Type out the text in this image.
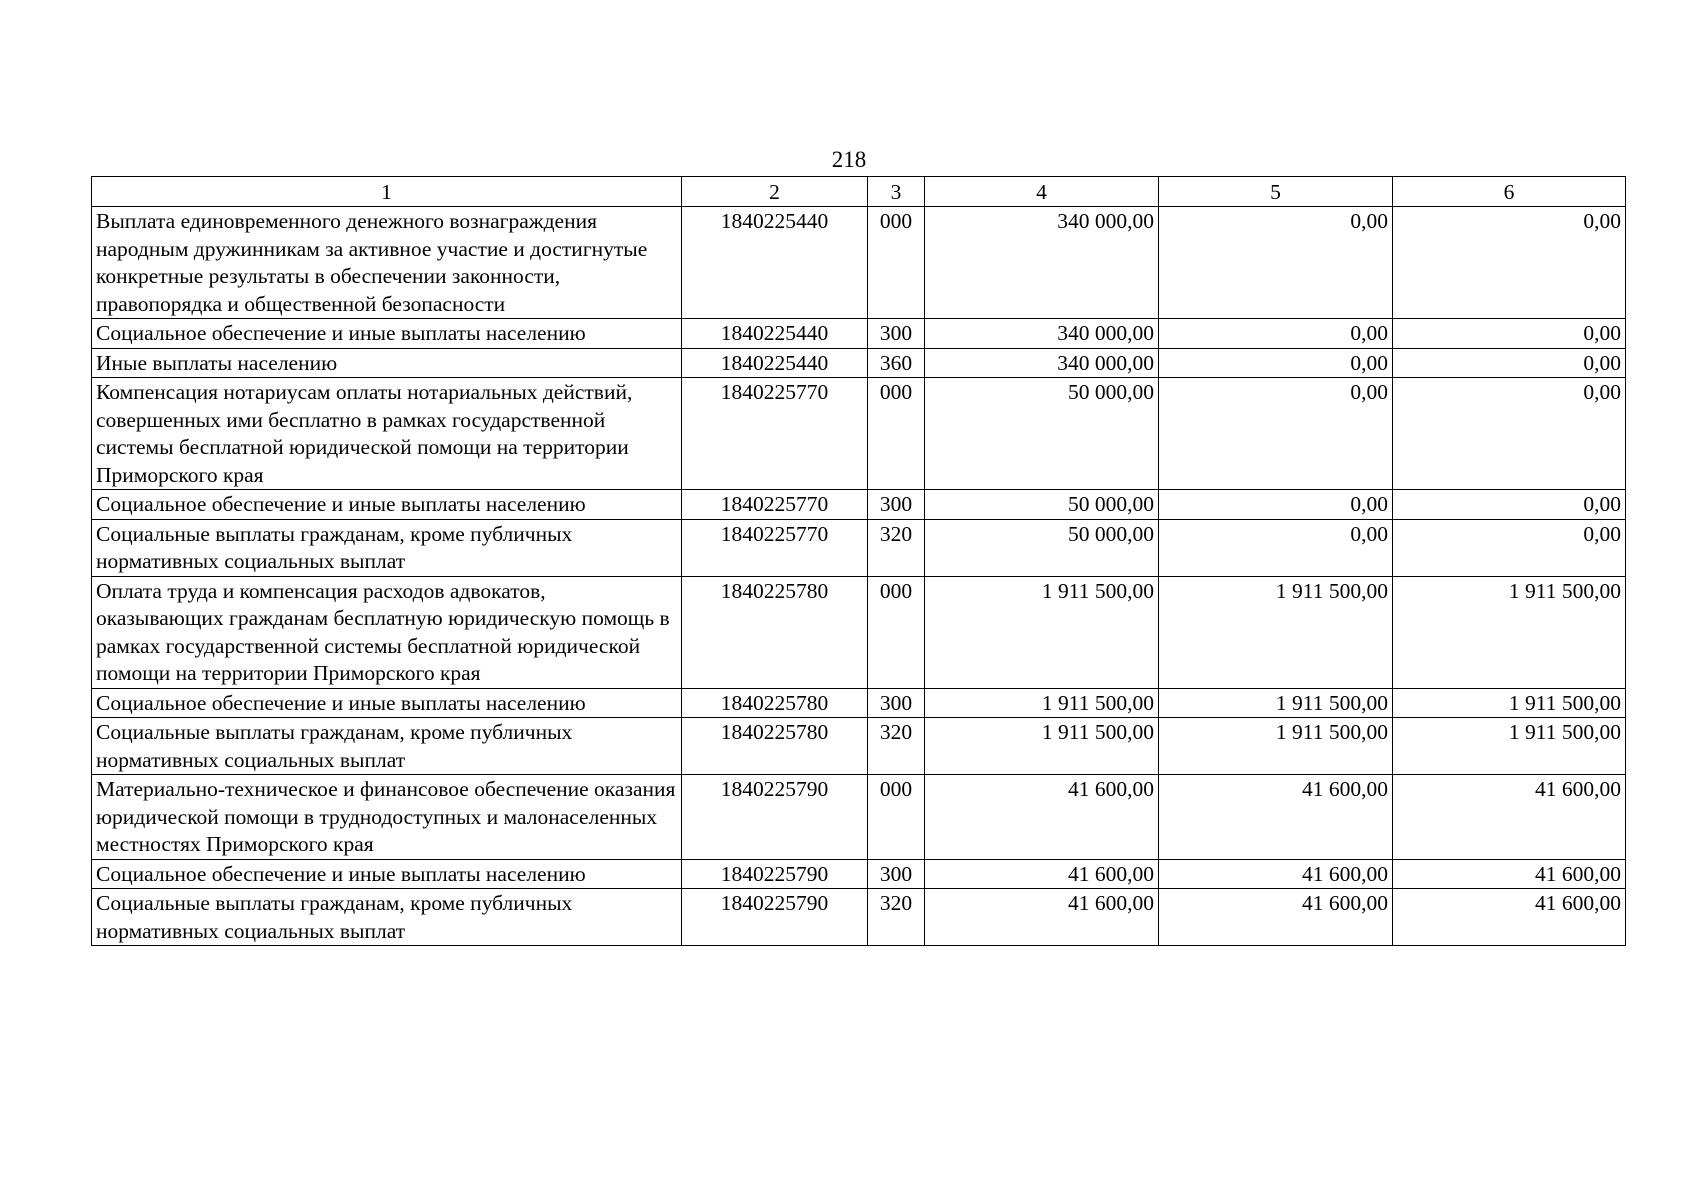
218
1	2	3	4	5	6
Выплата единовременного денежного вознаграждения народным дружинникам за активное участие и достигнутые конкретные результаты в обеспечении законности, правопорядка и общественной безопасности	1840225440	000	340 000,00	0,00	0,00
Социальное обеспечение и иные выплаты населению	1840225440	300	340 000,00	0,00	0,00
Иные выплаты населению	1840225440	360	340 000,00	0,00	0,00
Компенсация нотариусам оплаты нотариальных действий, совершенных ими бесплатно в рамках государственной системы бесплатной юридической помощи на территории Приморского края	1840225770	000	50 000,00	0,00	0,00
Социальное обеспечение и иные выплаты населению	1840225770	300	50 000,00	0,00	0,00
Социальные выплаты гражданам, кроме публичных нормативных социальных выплат	1840225770	320	50 000,00	0,00	0,00
Оплата труда и компенсация расходов адвокатов, оказывающих гражданам бесплатную юридическую помощь в рамках государственной системы бесплатной юридической помощи на территории Приморского края	1840225780	000	1 911 500,00	1 911 500,00	1 911 500,00
Социальное обеспечение и иные выплаты населению	1840225780	300	1 911 500,00	1 911 500,00	1 911 500,00
Социальные выплаты гражданам, кроме публичных нормативных социальных выплат	1840225780	320	1 911 500,00	1 911 500,00	1 911 500,00
Материально-техническое и финансовое обеспечение оказания юридической помощи в труднодоступных и малонаселенных местностях Приморского края	1840225790	000	41 600,00	41 600,00	41 600,00
Социальное обеспечение и иные выплаты населению	1840225790	300	41 600,00	41 600,00	41 600,00
Социальные выплаты гражданам, кроме публичных нормативных социальных выплат	1840225790	320	41 600,00	41 600,00	41 600,00
